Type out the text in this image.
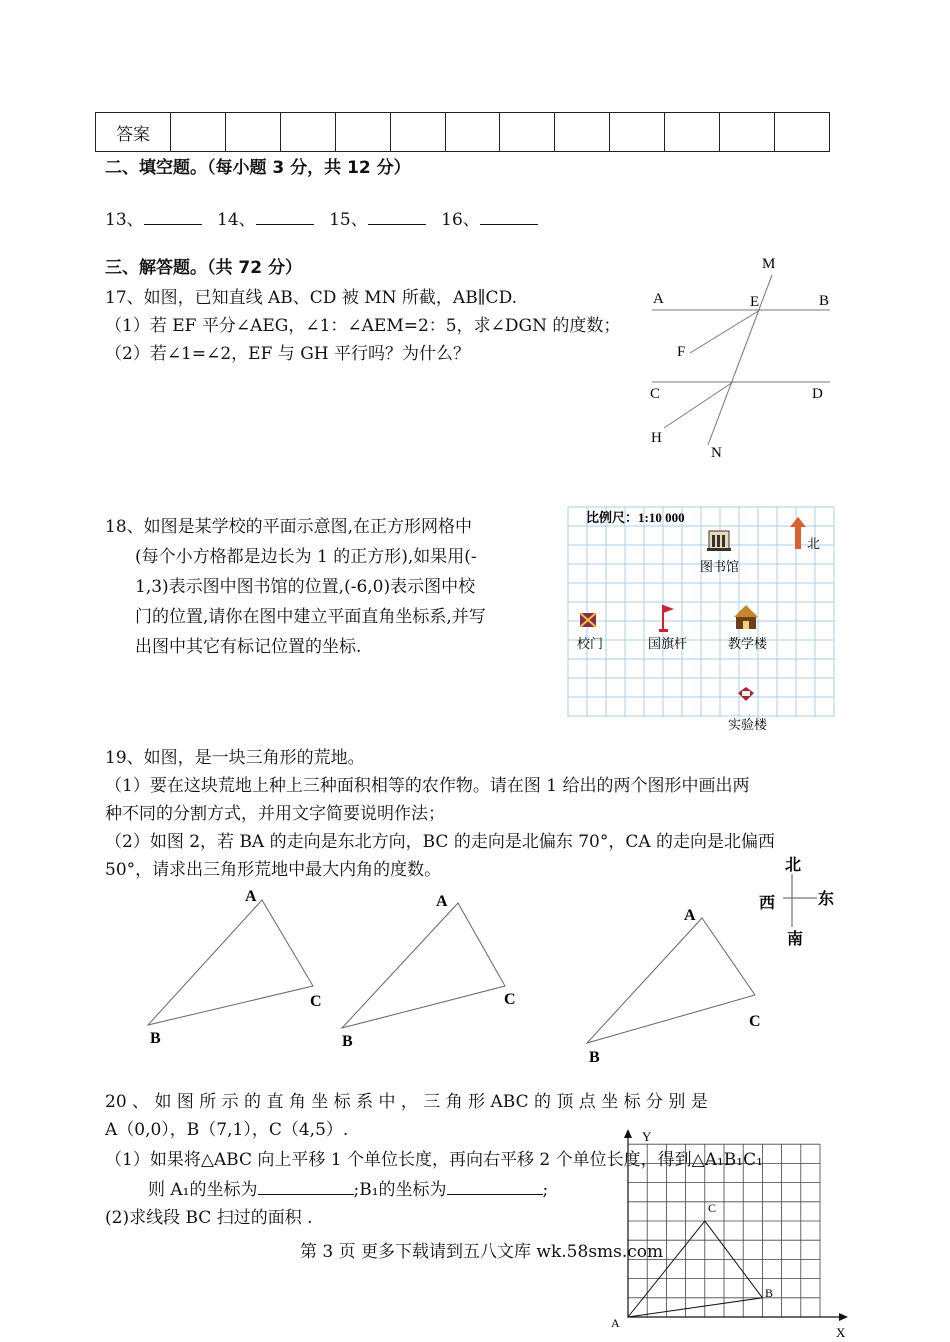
答案												
二、填空题。（每小题 3 分，共 12 分）
13、	14、	15、	16、
三、解答题。（共 72 分）
17、如图，已知直线 AB、CD 被 MN 所截，AB∥CD.
（1）若 EF 平分∠AEG，∠1：∠AEM=2：5，求∠DGN 的度数；
（2）若∠1=∠2，EF 与 GH 平行吗？为什么？
M
A	E	B
F
C	D
H
N
18、如图是某学校的平面示意图,在正方形网格中
(每个小方格都是边长为 1 的正方形),如果用(-
1,3)表示图中图书馆的位置,(-6,0)表示图中校
门的位置,请你在图中建立平面直角坐标系,并写
出图中其它有标记位置的坐标.
比例尺：1:10 000
北
图书馆
校门	国旗杆	教学楼
实验楼
19、如图，是一块三角形的荒地。
（1）要在这块荒地上种上三种面积相等的农作物。请在图 1 给出的两个图形中画出两
种不同的分割方式，并用文字简要说明作法；
（2）如图 2，若 BA 的走向是东北方向，BC 的走向是北偏东 70°，CA 的走向是北偏西
50°，请求出三角形荒地中最大内角的度数。	北
西	东
南
A
B
C
A
B
C
A
B
C
20 、 如 图 所 示 的 直 角 坐 标 系 中 ， 三 角 形 ABC 的 顶 点 坐 标 分 别 是
A（0,0），B（7,1），C（4,5）.	Y
X
A
B
C
（1）如果将△ABC 向上平移 1 个单位长度，再向右平移 2 个单位长度，得到△A₁B₁C₁
则 A₁的坐标为	;B₁的坐标为	;
(2)求线段 BC 扫过的面积 .
第 3 页 更多下载请到五八文库 wk.58sms.com
